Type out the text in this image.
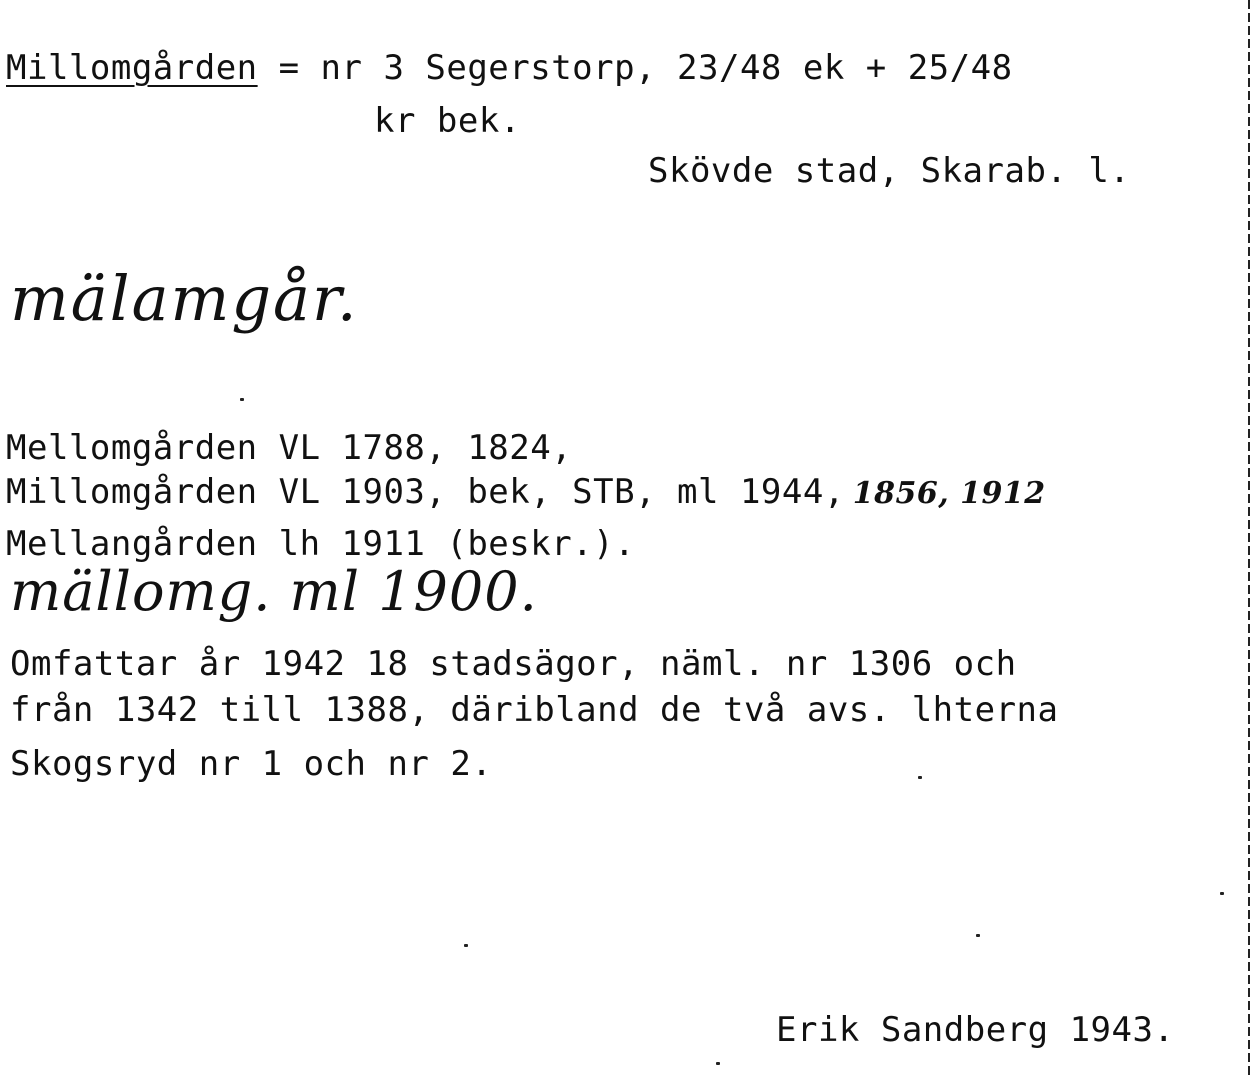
Millomgården = nr 3 Segerstorp, 23/48 ek + 25/48
kr bek.
Skövde stad, Skarab. l.
mälamgår.
Mellomgården VL 1788, 1824,
Millomgården VL 1903, bek, STB, ml 1944, 1856, 1912
Mellangården lh 1911 (beskr.).
mällomg. ml 1900.
Omfattar år 1942 18 stadsägor, näml. nr 1306 och
från 1342 till 1388, däribland de två avs. lhterna
Skogsryd nr 1 och nr 2.
Erik Sandberg 1943.
